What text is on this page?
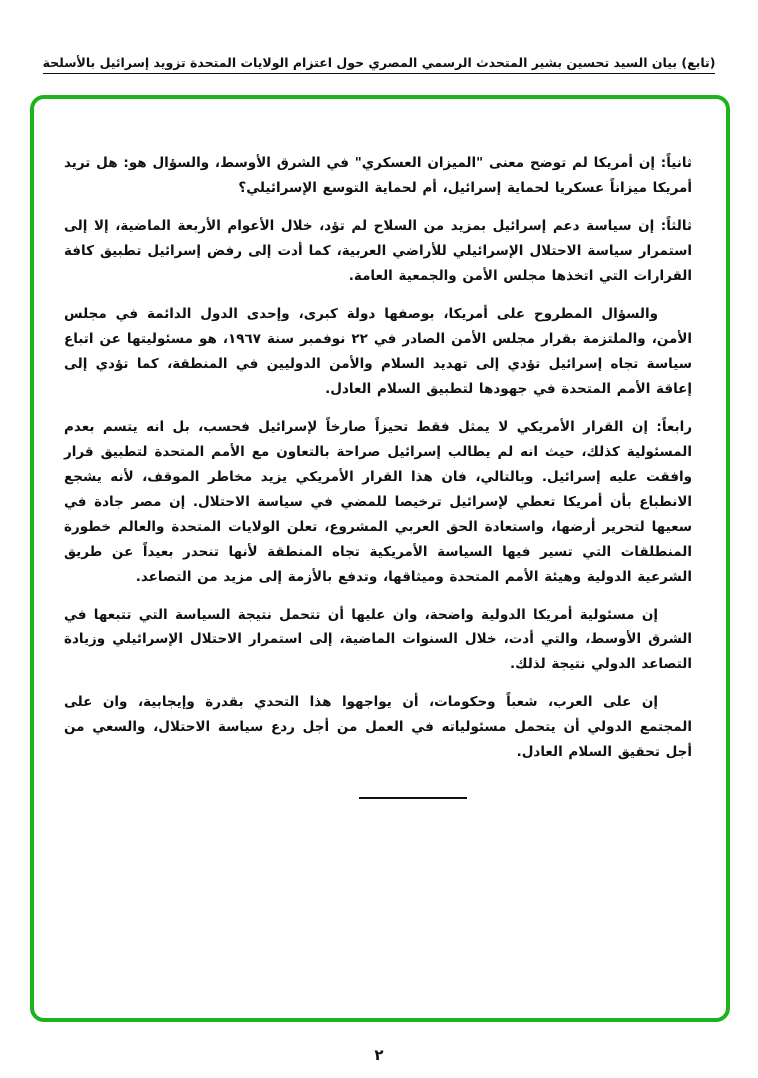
(تابع) بيان السيد تحسين بشير المتحدث الرسمي المصري حول اعتزام الولايات المتحدة تزويد إسرائيل بالأسلحة

ثانياً: إن أمريكا لم توضح معنى "الميزان العسكري" في الشرق الأوسط، والسؤال هو: هل تريد أمريكا ميزاناً عسكريا لحماية إسرائيل، أم لحماية التوسع الإسرائيلي؟

ثالثاً: إن سياسة دعم إسرائيل بمزيد من السلاح لم تؤد، خلال الأعوام الأربعة الماضية، إلا إلى استمرار سياسة الاحتلال الإسرائيلي للأراضي العربية، كما أدت إلى رفض إسرائيل تطبيق كافة القرارات التي اتخذها مجلس الأمن والجمعية العامة.

والسؤال المطروح على أمريكا، بوصفها دولة كبرى، وإحدى الدول الدائمة في مجلس الأمن، والملتزمة بقرار مجلس الأمن الصادر في ٢٢ نوفمبر سنة ١٩٦٧، هو مسئوليتها عن اتباع سياسة تجاه إسرائيل تؤدي إلى تهديد السلام والأمن الدوليين في المنطقة، كما تؤدي إلى إعاقة الأمم المتحدة في جهودها لتطبيق السلام العادل.

رابعاً: إن القرار الأمريكي لا يمثل فقط تحيزاً صارخاً لإسرائيل فحسب، بل انه يتسم بعدم المسئولية كذلك، حيث انه لم يطالب إسرائيل صراحة بالتعاون مع الأمم المتحدة لتطبيق قرار وافقت عليه إسرائيل. وبالتالي، فان هذا القرار الأمريكي يزيد مخاطر الموقف، لأنه يشجع الانطباع بأن أمريكا تعطي لإسرائيل ترخيصا للمضي في سياسة الاحتلال. إن مصر جادة في سعيها لتحرير أرضها، واستعادة الحق العربي المشروع، تعلن الولايات المتحدة والعالم خطورة المنطلقات التي تسير فيها السياسة الأمريكية تجاه المنطقة لأنها تنحدر بعيداً عن طريق الشرعية الدولية وهيئة الأمم المتحدة وميثاقها، وتدفع بالأزمة إلى مزيد من التصاعد.

إن مسئولية أمريكا الدولية واضحة، وان عليها أن تتحمل نتيجة السياسة التي تتبعها في الشرق الأوسط، والتي أدت، خلال السنوات الماضية، إلى استمرار الاحتلال الإسرائيلي وزيادة التصاعد الدولي نتيجة لذلك.

إن على العرب، شعباً وحكومات، أن يواجهوا هذا التحدي بقدرة وإيجابية، وان على المجتمع الدولي أن يتحمل مسئولياته في العمل من أجل ردع سياسة الاحتلال، والسعي من أجل تحقيق السلام العادل.

٢
